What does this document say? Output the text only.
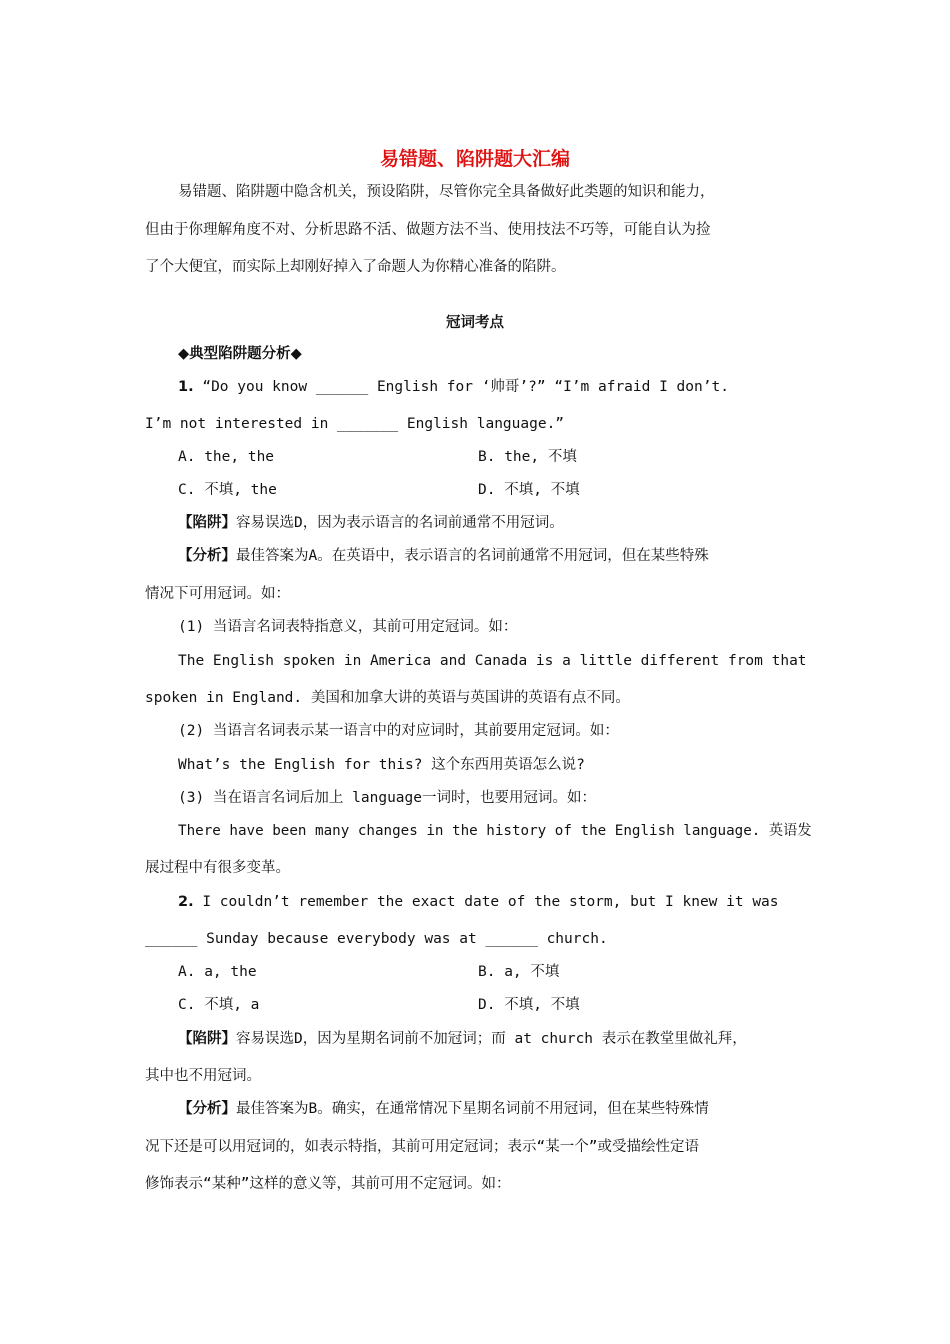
易错题、陷阱题大汇编
易错题、陷阱题中隐含机关，预设陷阱，尽管你完全具备做好此类题的知识和能力，
但由于你理解角度不对、分析思路不活、做题方法不当、使用技法不巧等，可能自认为捡
了个大便宜，而实际上却刚好掉入了命题人为你精心准备的陷阱。
冠词考点
◆典型陷阱题分析◆
1. “Do you know ______ English for ‘帅哥’?” “I’m afraid I don’t.
I’m not interested in _______ English language.”
A. the, the	B. the, 不填
C. 不填, the	D. 不填, 不填
【陷阱】容易误选D，因为表示语言的名词前通常不用冠词。
【分析】最佳答案为A。在英语中，表示语言的名词前通常不用冠词，但在某些特殊
情况下可用冠词。如：
(1) 当语言名词表特指意义，其前可用定冠词。如：
The English spoken in America and Canada is a little different from that
spoken in England. 美国和加拿大讲的英语与英国讲的英语有点不同。
(2) 当语言名词表示某一语言中的对应词时，其前要用定冠词。如：
What’s the English for this? 这个东西用英语怎么说?
(3) 当在语言名词后加上 language一词时，也要用冠词。如：
There have been many changes in the history of the English language. 英语发
展过程中有很多变革。
2. I couldn’t remember the exact date of the storm, but I knew it was
______ Sunday because everybody was at ______ church.
A. a, the	B. a, 不填
C. 不填, a	D. 不填, 不填
【陷阱】容易误选D，因为星期名词前不加冠词；而 at church 表示在教堂里做礼拜，
其中也不用冠词。
【分析】最佳答案为B。确实，在通常情况下星期名词前不用冠词，但在某些特殊情
况下还是可以用冠词的，如表示特指，其前可用定冠词；表示“某一个”或受描绘性定语
修饰表示“某种”这样的意义等，其前可用不定冠词。如：
